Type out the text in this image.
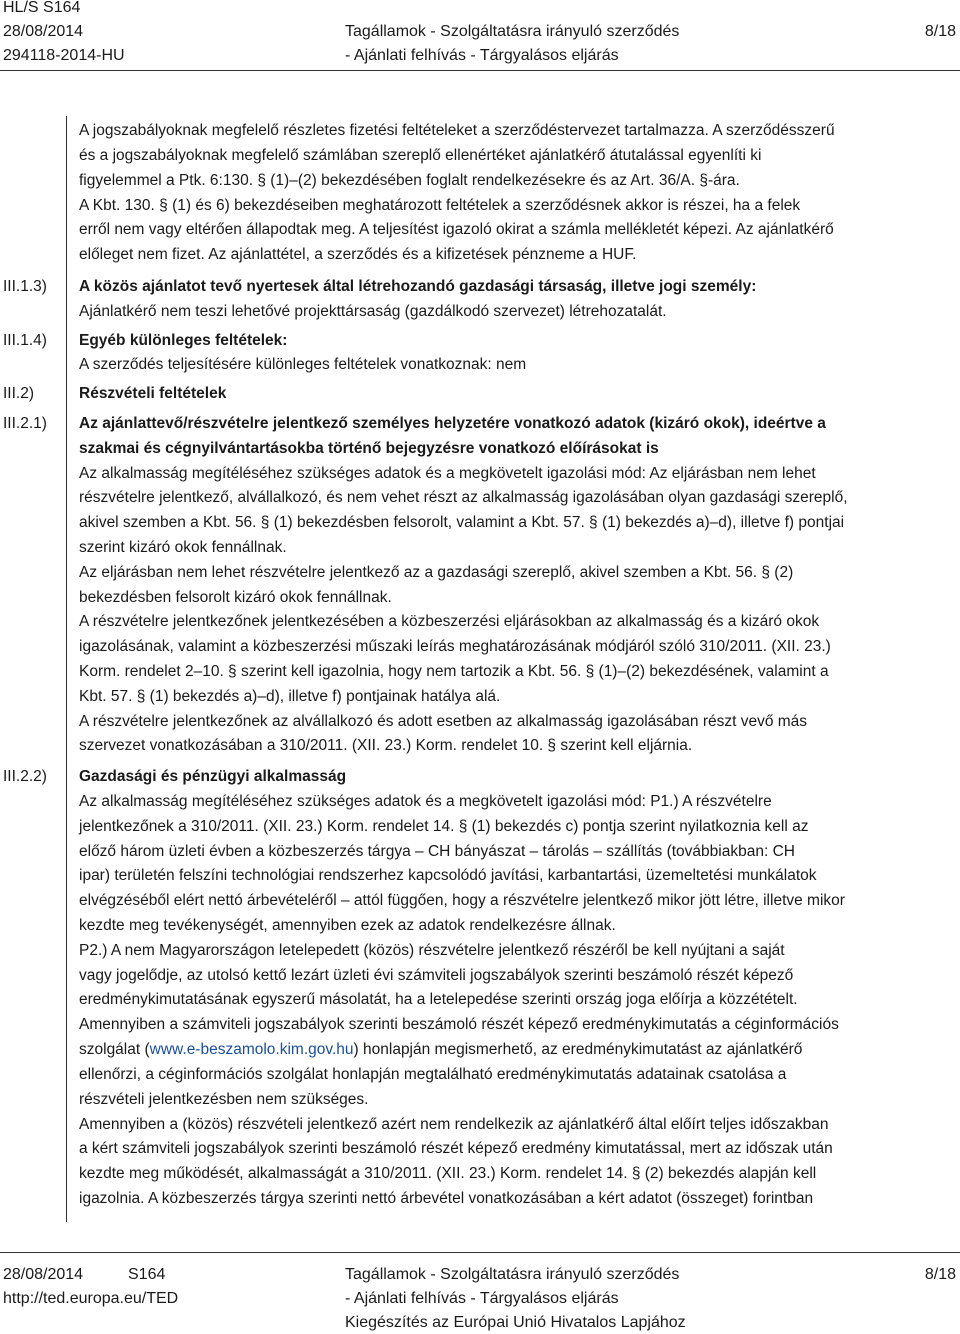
HL/S S164
28/08/2014
294118-2014-HU
Tagállamok - Szolgáltatásra irányuló szerződés
- Ajánlati felhívás - Tárgyalásos eljárás
8/18
III.1.3)
III.1.4)
III.2)
III.2.1)
III.2.2)
A jogszabályoknak megfelelő részletes fizetési feltételeket a szerződéstervezet tartalmazza. A szerződésszerű
és a jogszabályoknak megfelelő számlában szereplő ellenértéket ajánlatkérő átutalással egyenlíti ki
figyelemmel a Ptk. 6:130. § (1)–(2) bekezdésében foglalt rendelkezésekre és az Art. 36/A. §-ára.
A Kbt. 130. § (1) és 6) bekezdéseiben meghatározott feltételek a szerződésnek akkor is részei, ha a felek
erről nem vagy eltérően állapodtak meg. A teljesítést igazoló okirat a számla mellékletét képezi. Az ajánlatkérő
előleget nem fizet. Az ajánlattétel, a szerződés és a kifizetések pénzneme a HUF.
A közös ajánlatot tevő nyertesek által létrehozandó gazdasági társaság, illetve jogi személy:
Ajánlatkérő nem teszi lehetővé projekttársaság (gazdálkodó szervezet) létrehozatalát.
Egyéb különleges feltételek:
A szerződés teljesítésére különleges feltételek vonatkoznak: nem
Részvételi feltételek
Az ajánlattevő/részvételre jelentkező személyes helyzetére vonatkozó adatok (kizáró okok), ideértve a
szakmai és cégnyilvántartásokba történő bejegyzésre vonatkozó előírásokat is
Az alkalmasság megítéléséhez szükséges adatok és a megkövetelt igazolási mód: Az eljárásban nem lehet
részvételre jelentkező, alvállalkozó, és nem vehet részt az alkalmasság igazolásában olyan gazdasági szereplő,
akivel szemben a Kbt. 56. § (1) bekezdésben felsorolt, valamint a Kbt. 57. § (1) bekezdés a)–d), illetve f) pontjai
szerint kizáró okok fennállnak.
Az eljárásban nem lehet részvételre jelentkező az a gazdasági szereplő, akivel szemben a Kbt. 56. § (2)
bekezdésben felsorolt kizáró okok fennállnak.
A részvételre jelentkezőnek jelentkezésében a közbeszerzési eljárásokban az alkalmasság és a kizáró okok
igazolásának, valamint a közbeszerzési műszaki leírás meghatározásának módjáról szóló 310/2011. (XII. 23.)
Korm. rendelet 2–10. § szerint kell igazolnia, hogy nem tartozik a Kbt. 56. § (1)–(2) bekezdésének, valamint a
Kbt. 57. § (1) bekezdés a)–d), illetve f) pontjainak hatálya alá.
A részvételre jelentkezőnek az alvállalkozó és adott esetben az alkalmasság igazolásában részt vevő más
szervezet vonatkozásában a 310/2011. (XII. 23.) Korm. rendelet 10. § szerint kell eljárnia.
Gazdasági és pénzügyi alkalmasság
Az alkalmasság megítéléséhez szükséges adatok és a megkövetelt igazolási mód: P1.) A részvételre
jelentkezőnek a 310/2011. (XII. 23.) Korm. rendelet 14. § (1) bekezdés c) pontja szerint nyilatkoznia kell az
előző három üzleti évben a közbeszerzés tárgya – CH bányászat – tárolás – szállítás (továbbiakban: CH
ipar) területén felszíni technológiai rendszerhez kapcsolódó javítási, karbantartási, üzemeltetési munkálatok
elvégzéséből elért nettó árbevételéről – attól függően, hogy a részvételre jelentkező mikor jött létre, illetve mikor
kezdte meg tevékenységét, amennyiben ezek az adatok rendelkezésre állnak.
P2.) A nem Magyarországon letelepedett (közös) részvételre jelentkező részéről be kell nyújtani a saját
vagy jogelődje, az utolsó kettő lezárt üzleti évi számviteli jogszabályok szerinti beszámoló részét képező
eredménykimutatásának egyszerű másolatát, ha a letelepedése szerinti ország joga előírja a közzétételt.
Amennyiben a számviteli jogszabályok szerinti beszámoló részét képező eredménykimutatás a céginformációs
szolgálat (www.e-beszamolo.kim.gov.hu) honlapján megismerhető, az eredménykimutatást az ajánlatkérő
ellenőrzi, a céginformációs szolgálat honlapján megtalálható eredménykimutatás adatainak csatolása a
részvételi jelentkezésben nem szükséges.
Amennyiben a (közös) részvételi jelentkező azért nem rendelkezik az ajánlatkérő által előírt teljes időszakban
a kért számviteli jogszabályok szerinti beszámoló részét képező eredmény kimutatással, mert az időszak után
kezdte meg működését, alkalmasságát a 310/2011. (XII. 23.) Korm. rendelet 14. § (2) bekezdés alapján kell
igazolnia. A közbeszerzés tárgya szerinti nettó árbevétel vonatkozásában a kért adatot (összeget) forintban
28/08/2014	S164
http://ted.europa.eu/TED
Tagállamok - Szolgáltatásra irányuló szerződés
- Ajánlati felhívás - Tárgyalásos eljárás
Kiegészítés az Európai Unió Hivatalos Lapjához
8/18
